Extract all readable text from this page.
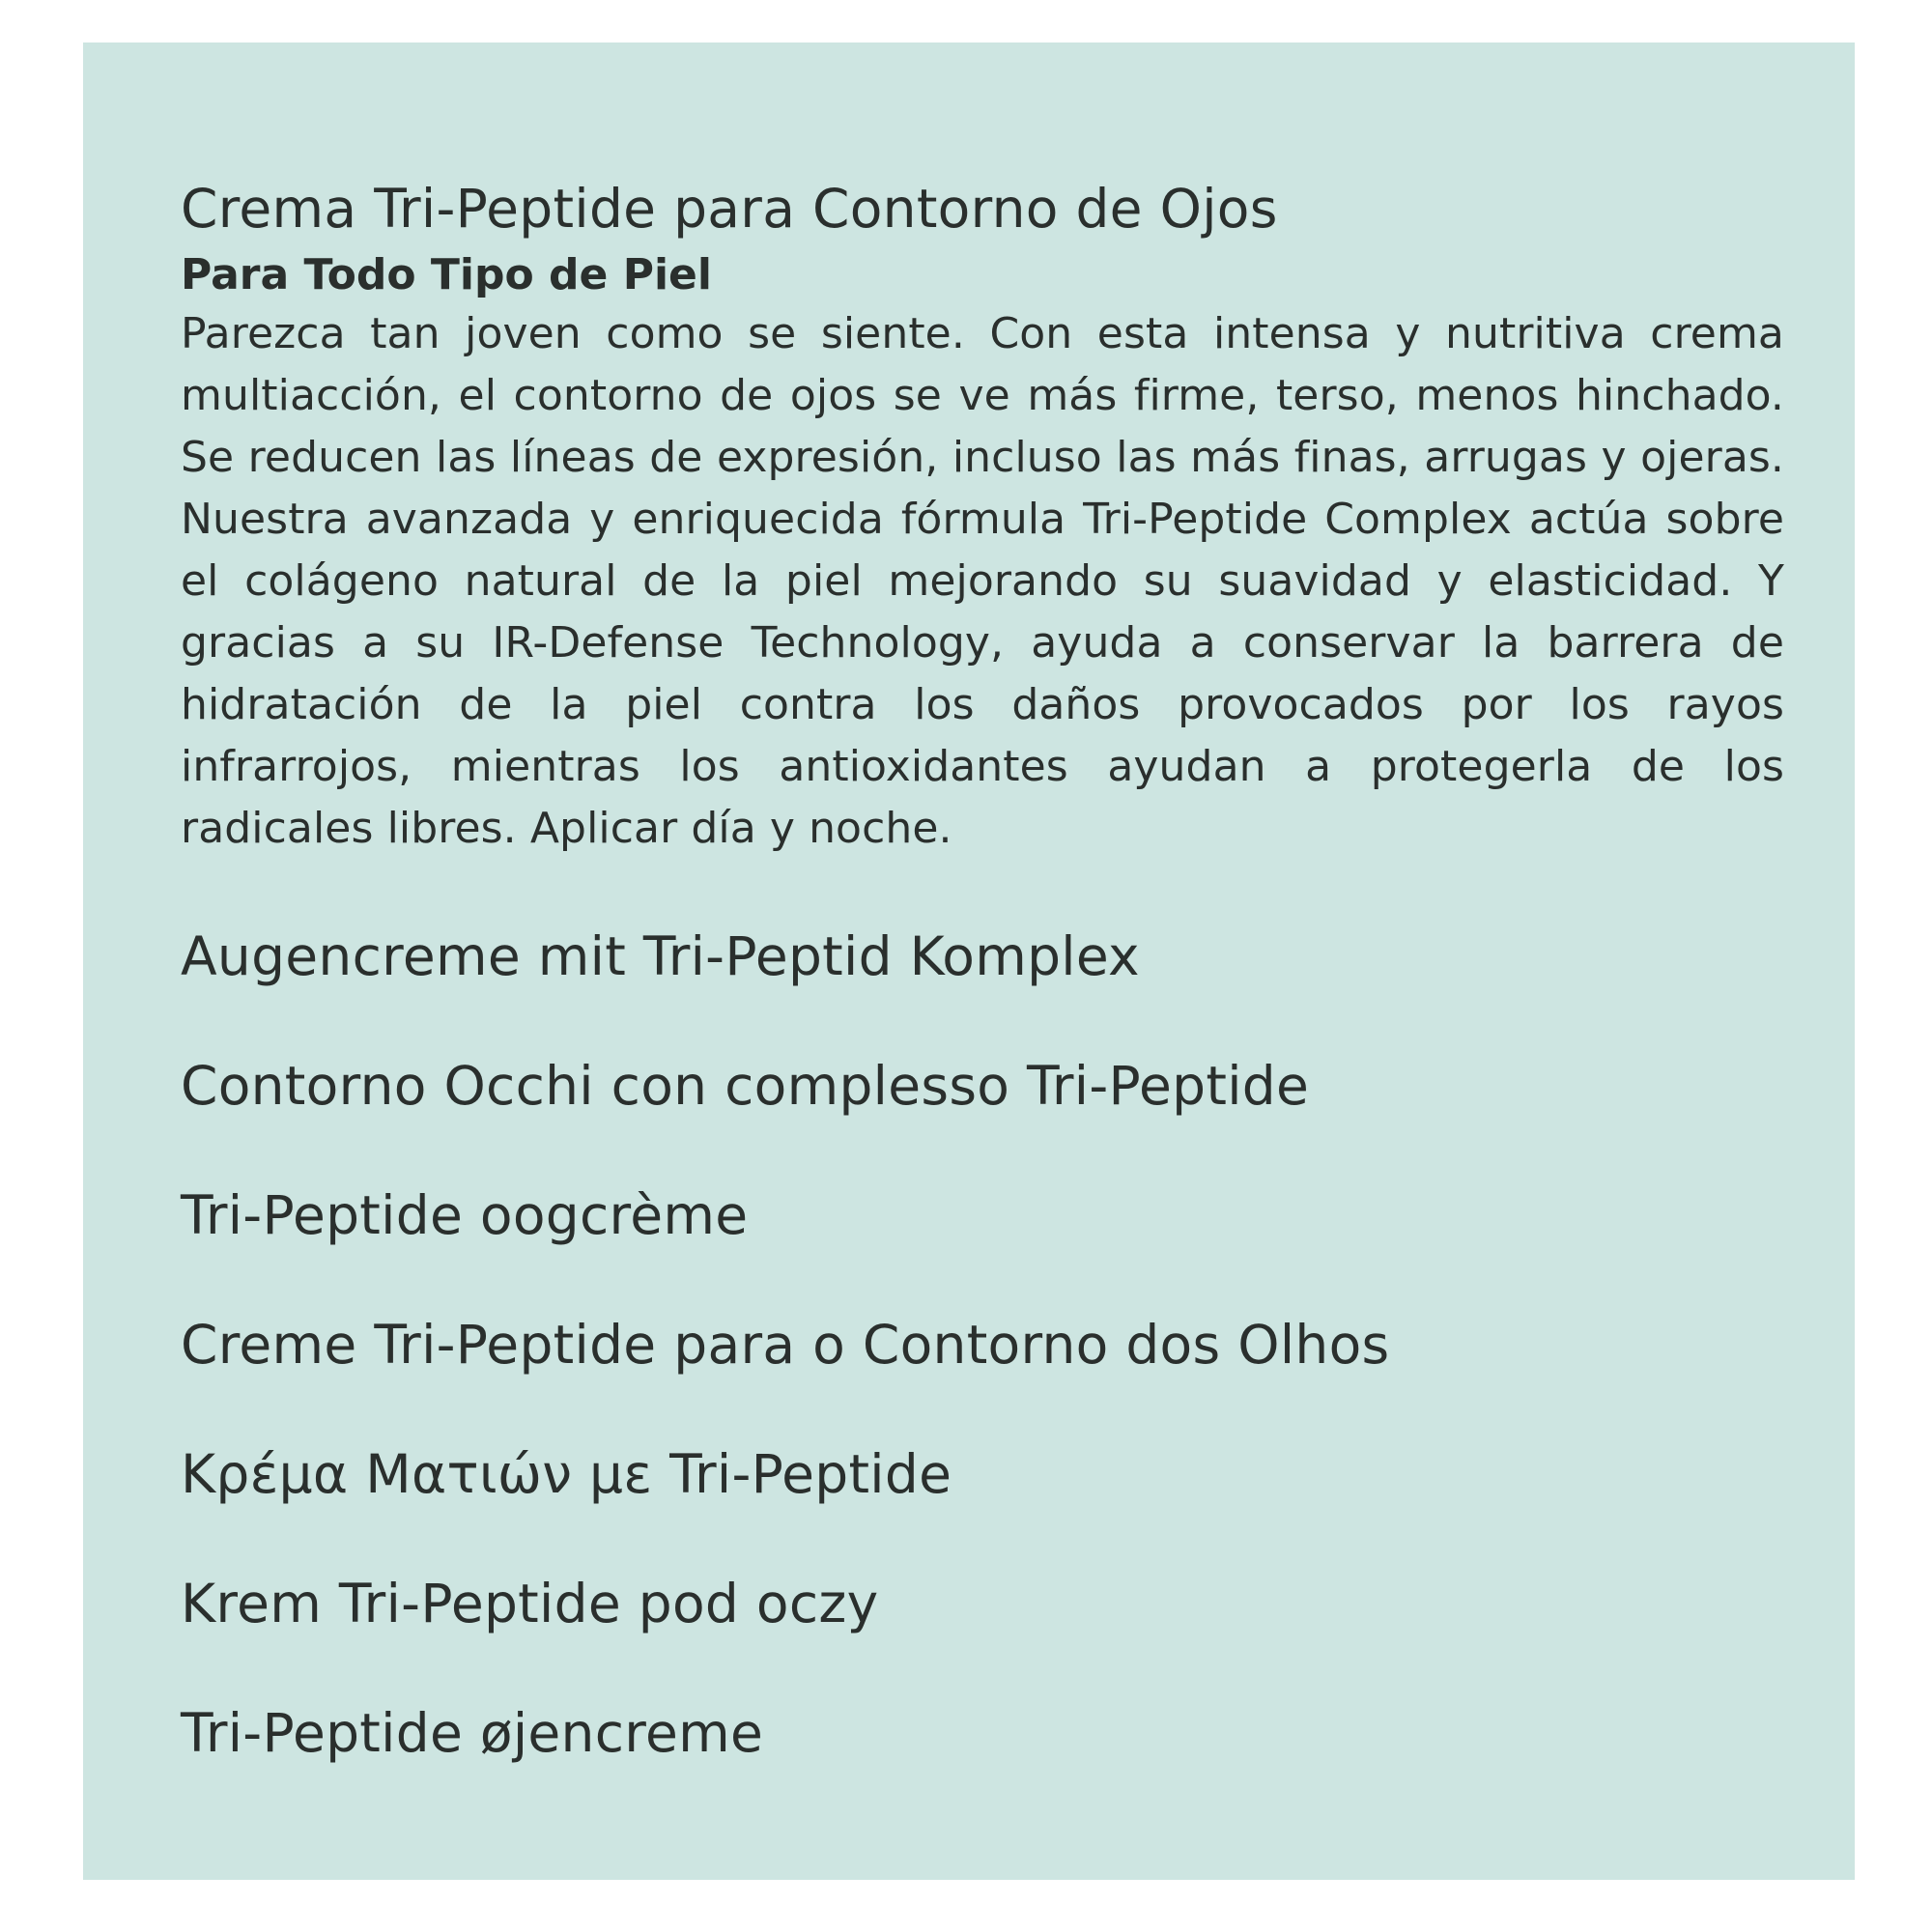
Crema Tri-Peptide para Contorno de Ojos
Para Todo Tipo de Piel

Parezca tan joven como se siente. Con esta intensa y nutritiva crema multiacción, el contorno de ojos se ve más firme, terso, menos hinchado. Se reducen las líneas de expresión, incluso las más finas, arrugas y ojeras. Nuestra avanzada y enriquecida fórmula Tri-Peptide Complex actúa sobre el colágeno natural de la piel mejorando su suavidad y elasticidad. Y gracias a su IR-Defense Technology, ayuda a conservar la barrera de hidratación de la piel contra los daños provocados por los rayos infrarrojos, mientras los antioxidantes ayudan a protegerla de los radicales libres. Aplicar día y noche.

Augencreme mit Tri-Peptid Komplex
Contorno Occhi con complesso Tri-Peptide
Tri-Peptide oogcrème
Creme Tri-Peptide para o Contorno dos Olhos
Κρέμα Ματιών με Tri-Peptide
Krem Tri-Peptide pod oczy
Tri-Peptide øjencreme
